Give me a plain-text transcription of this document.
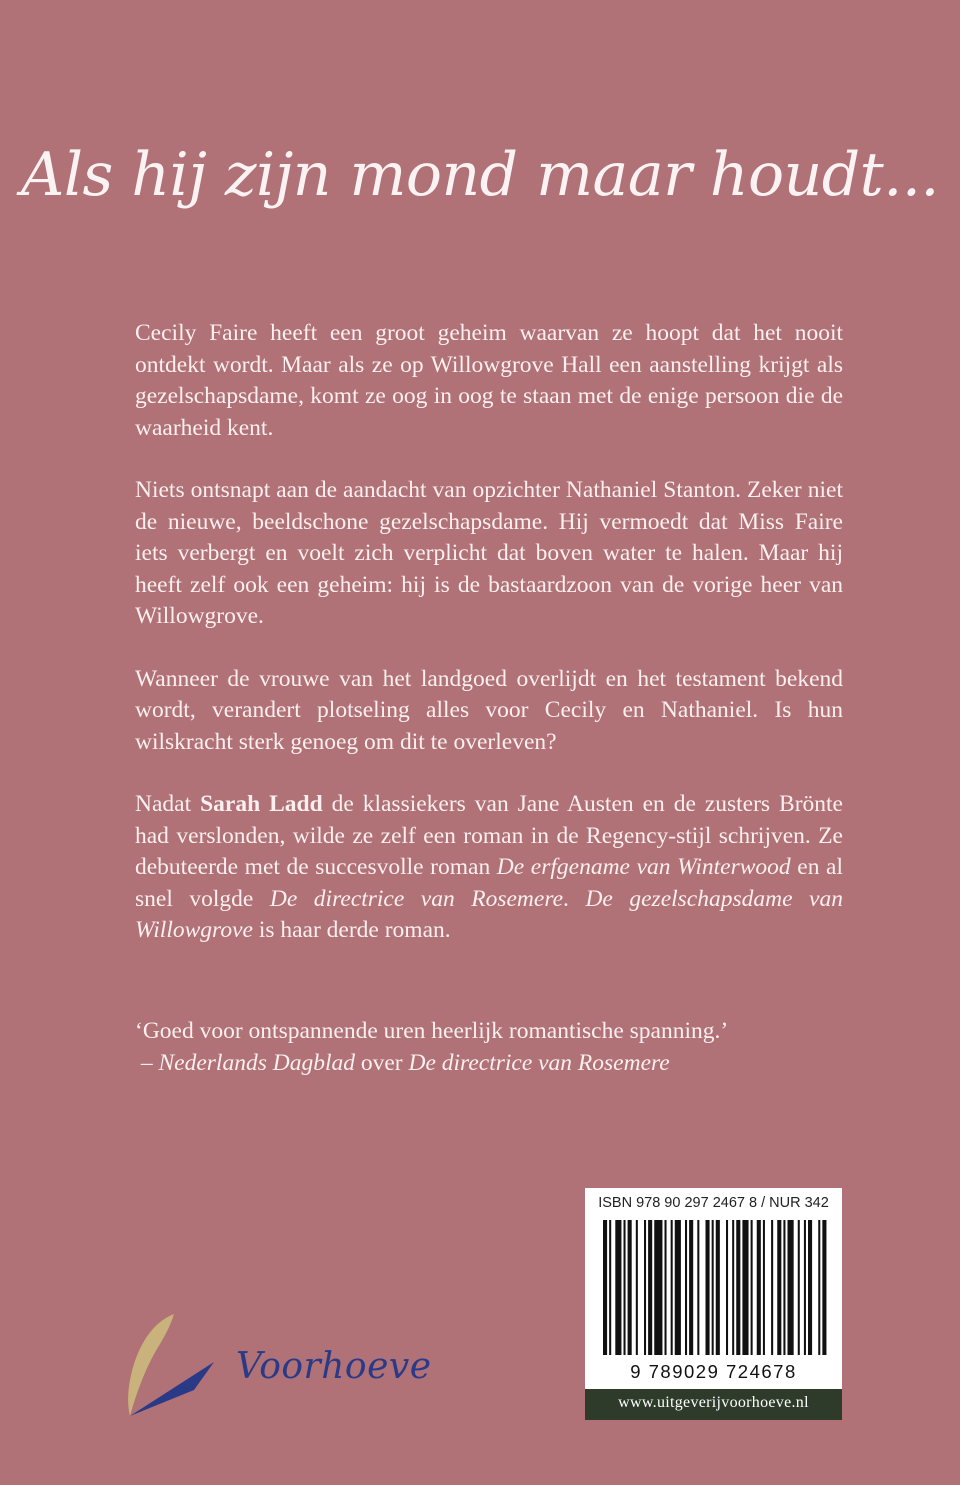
Als hij zijn mond maar houdt...

Cecily Faire heeft een groot geheim waarvan ze hoopt dat het nooit ontdekt wordt. Maar als ze op Willowgrove Hall een aanstelling krijgt als gezelschapsdame, komt ze oog in oog te staan met de enige persoon die de waarheid kent.

Niets ontsnapt aan de aandacht van opzichter Nathaniel Stanton. Zeker niet de nieuwe, beeldschone gezelschapsdame. Hij vermoedt dat Miss Faire iets verbergt en voelt zich verplicht dat boven water te halen. Maar hij heeft zelf ook een geheim: hij is de bastaardzoon van de vorige heer van Willowgrove.

Wanneer de vrouwe van het landgoed overlijdt en het testament bekend wordt, verandert plotseling alles voor Cecily en Nathaniel. Is hun wilskracht sterk genoeg om dit te overleven?

Nadat Sarah Ladd de klassiekers van Jane Austen en de zusters Brönte had verslonden, wilde ze zelf een roman in de Regency-stijl schrijven. Ze debuteerde met de succesvolle roman De erfgename van Winterwood en al snel volgde De directrice van Rosemere. De gezelschapsdame van Willowgrove is haar derde roman.

‘Goed voor ontspannende uren heerlijk romantische spanning.’
– Nederlands Dagblad over De directrice van Rosemere
Voorhoeve
ISBN 978 90 297 2467 8 / NUR 342
9 789029 724678
www.uitgeverijvoorhoeve.nl
